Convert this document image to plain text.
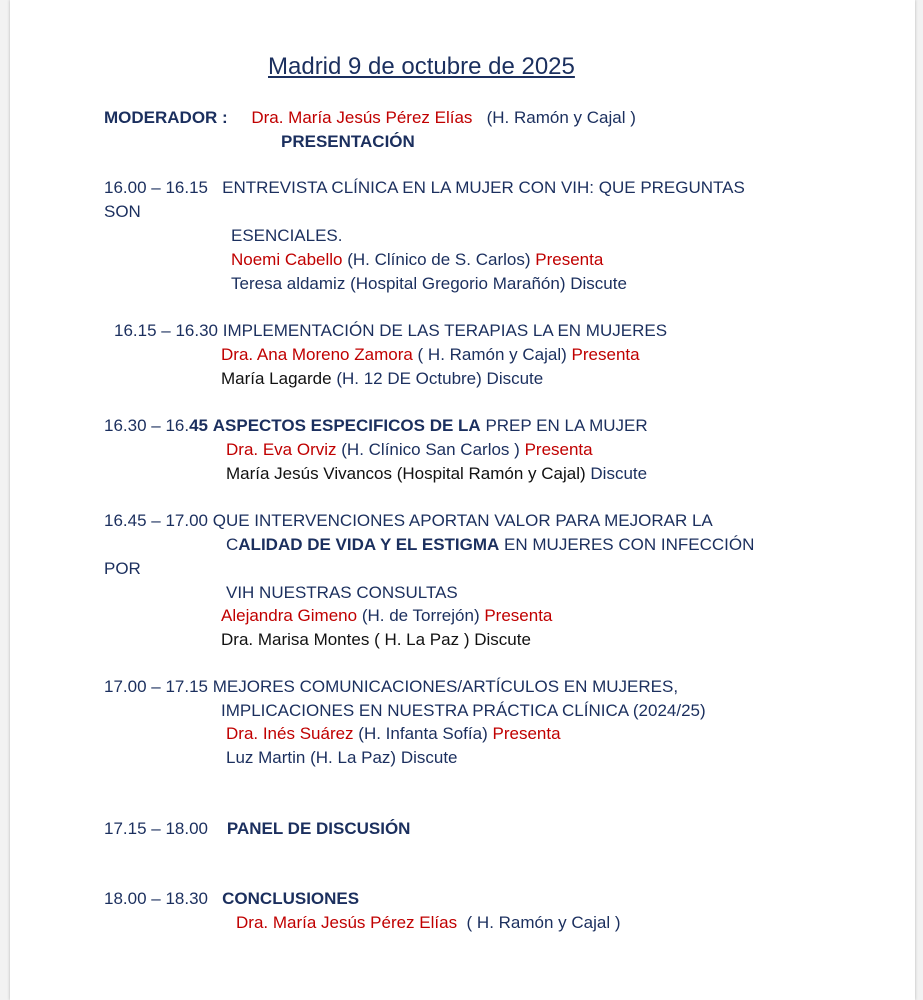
Madrid 9 de octubre de 2025
MODERADOR : Dra. María Jesús Pérez Elías (H. Ramón y Cajal )
PRESENTACIÓN
16.00 – 16.15 ENTREVISTA CLÍNICA EN LA MUJER CON VIH: QUE PREGUNTAS
SON
ESENCIALES.
Noemi Cabello (H. Clínico de S. Carlos) Presenta
Teresa aldamiz (Hospital Gregorio Marañón) Discute
16.15 – 16.30 IMPLEMENTACIÓN DE LAS TERAPIAS LA EN MUJERES
Dra. Ana Moreno Zamora ( H. Ramón y Cajal) Presenta
María Lagarde (H. 12 DE Octubre) Discute
16.30 – 16.45 ASPECTOS ESPECIFICOS DE LA PREP EN LA MUJER
Dra. Eva Orviz (H. Clínico San Carlos ) Presenta
María Jesús Vivancos (Hospital Ramón y Cajal) Discute
16.45 – 17.00 QUE INTERVENCIONES APORTAN VALOR PARA MEJORAR LA
CALIDAD DE VIDA Y EL ESTIGMA EN MUJERES CON INFECCIÓN
POR
VIH NUESTRAS CONSULTAS
Alejandra Gimeno (H. de Torrejón) Presenta
Dra. Marisa Montes ( H. La Paz ) Discute
17.00 – 17.15 MEJORES COMUNICACIONES/ARTÍCULOS EN MUJERES,
IMPLICACIONES EN NUESTRA PRÁCTICA CLÍNICA (2024/25)
Dra. Inés Suárez (H. Infanta Sofía) Presenta
Luz Martin (H. La Paz) Discute
17.15 – 18.00 PANEL DE DISCUSIÓN
18.00 – 18.30 CONCLUSIONES
Dra. María Jesús Pérez Elías ( H. Ramón y Cajal )
